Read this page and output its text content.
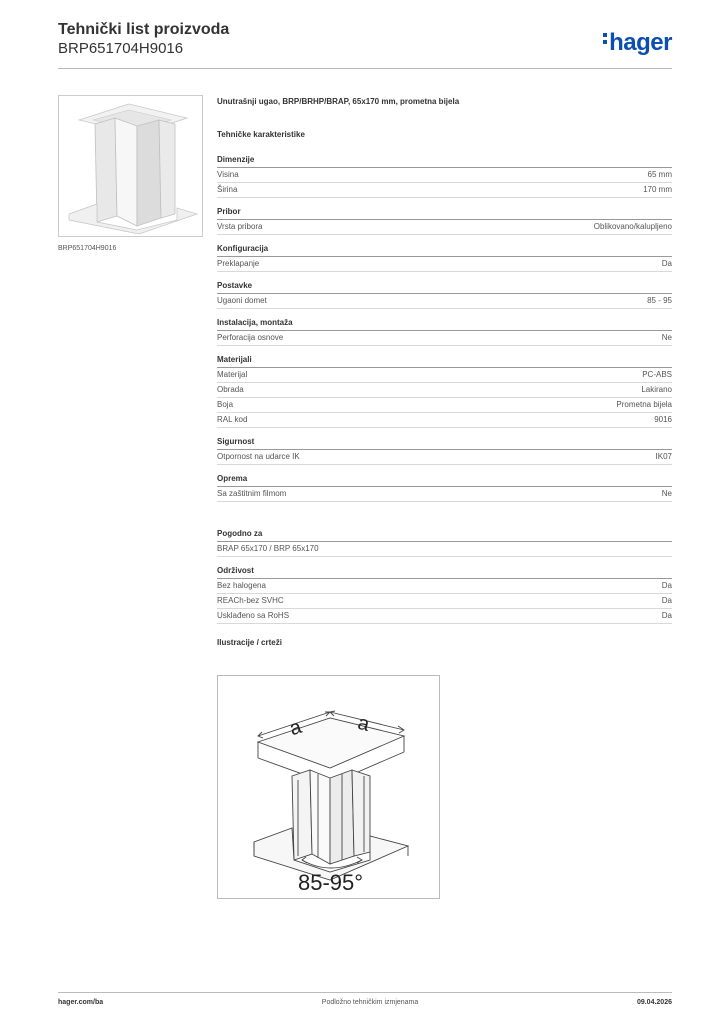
Tehnički list proizvoda
BRP651704H9016	hager
BRP651704H9016
Unutrašnji ugao, BRP/BRHP/BRAP, 65x170 mm, prometna bijela
Tehničke karakteristike
Dimenzije
Visina	65 mm
Širina	170 mm
Pribor
Vrsta pribora	Oblikovano/kalupljeno
Konfiguracija
Preklapanje	Da
Postavke
Ugaoni domet	85 - 95
Instalacija, montaža
Perforacija osnove	Ne
Materijali
Materijal	PC-ABS
Obrada	Lakirano
Boja	Prometna bijela
RAL kod	9016
Sigurnost
Otpornost na udarce IK	IK07
Oprema
Sa zaštitnim filmom	Ne
Pogodno za
BRAP 65x170 / BRP 65x170
Održivost
Bez halogena	Da
REACh-bez SVHC	Da
Usklađeno sa RoHS	Da
Ilustracije / crteži
a	a
85-95°
hager.com/ba	Podložno tehničkim izmjenama	09.04.2026
